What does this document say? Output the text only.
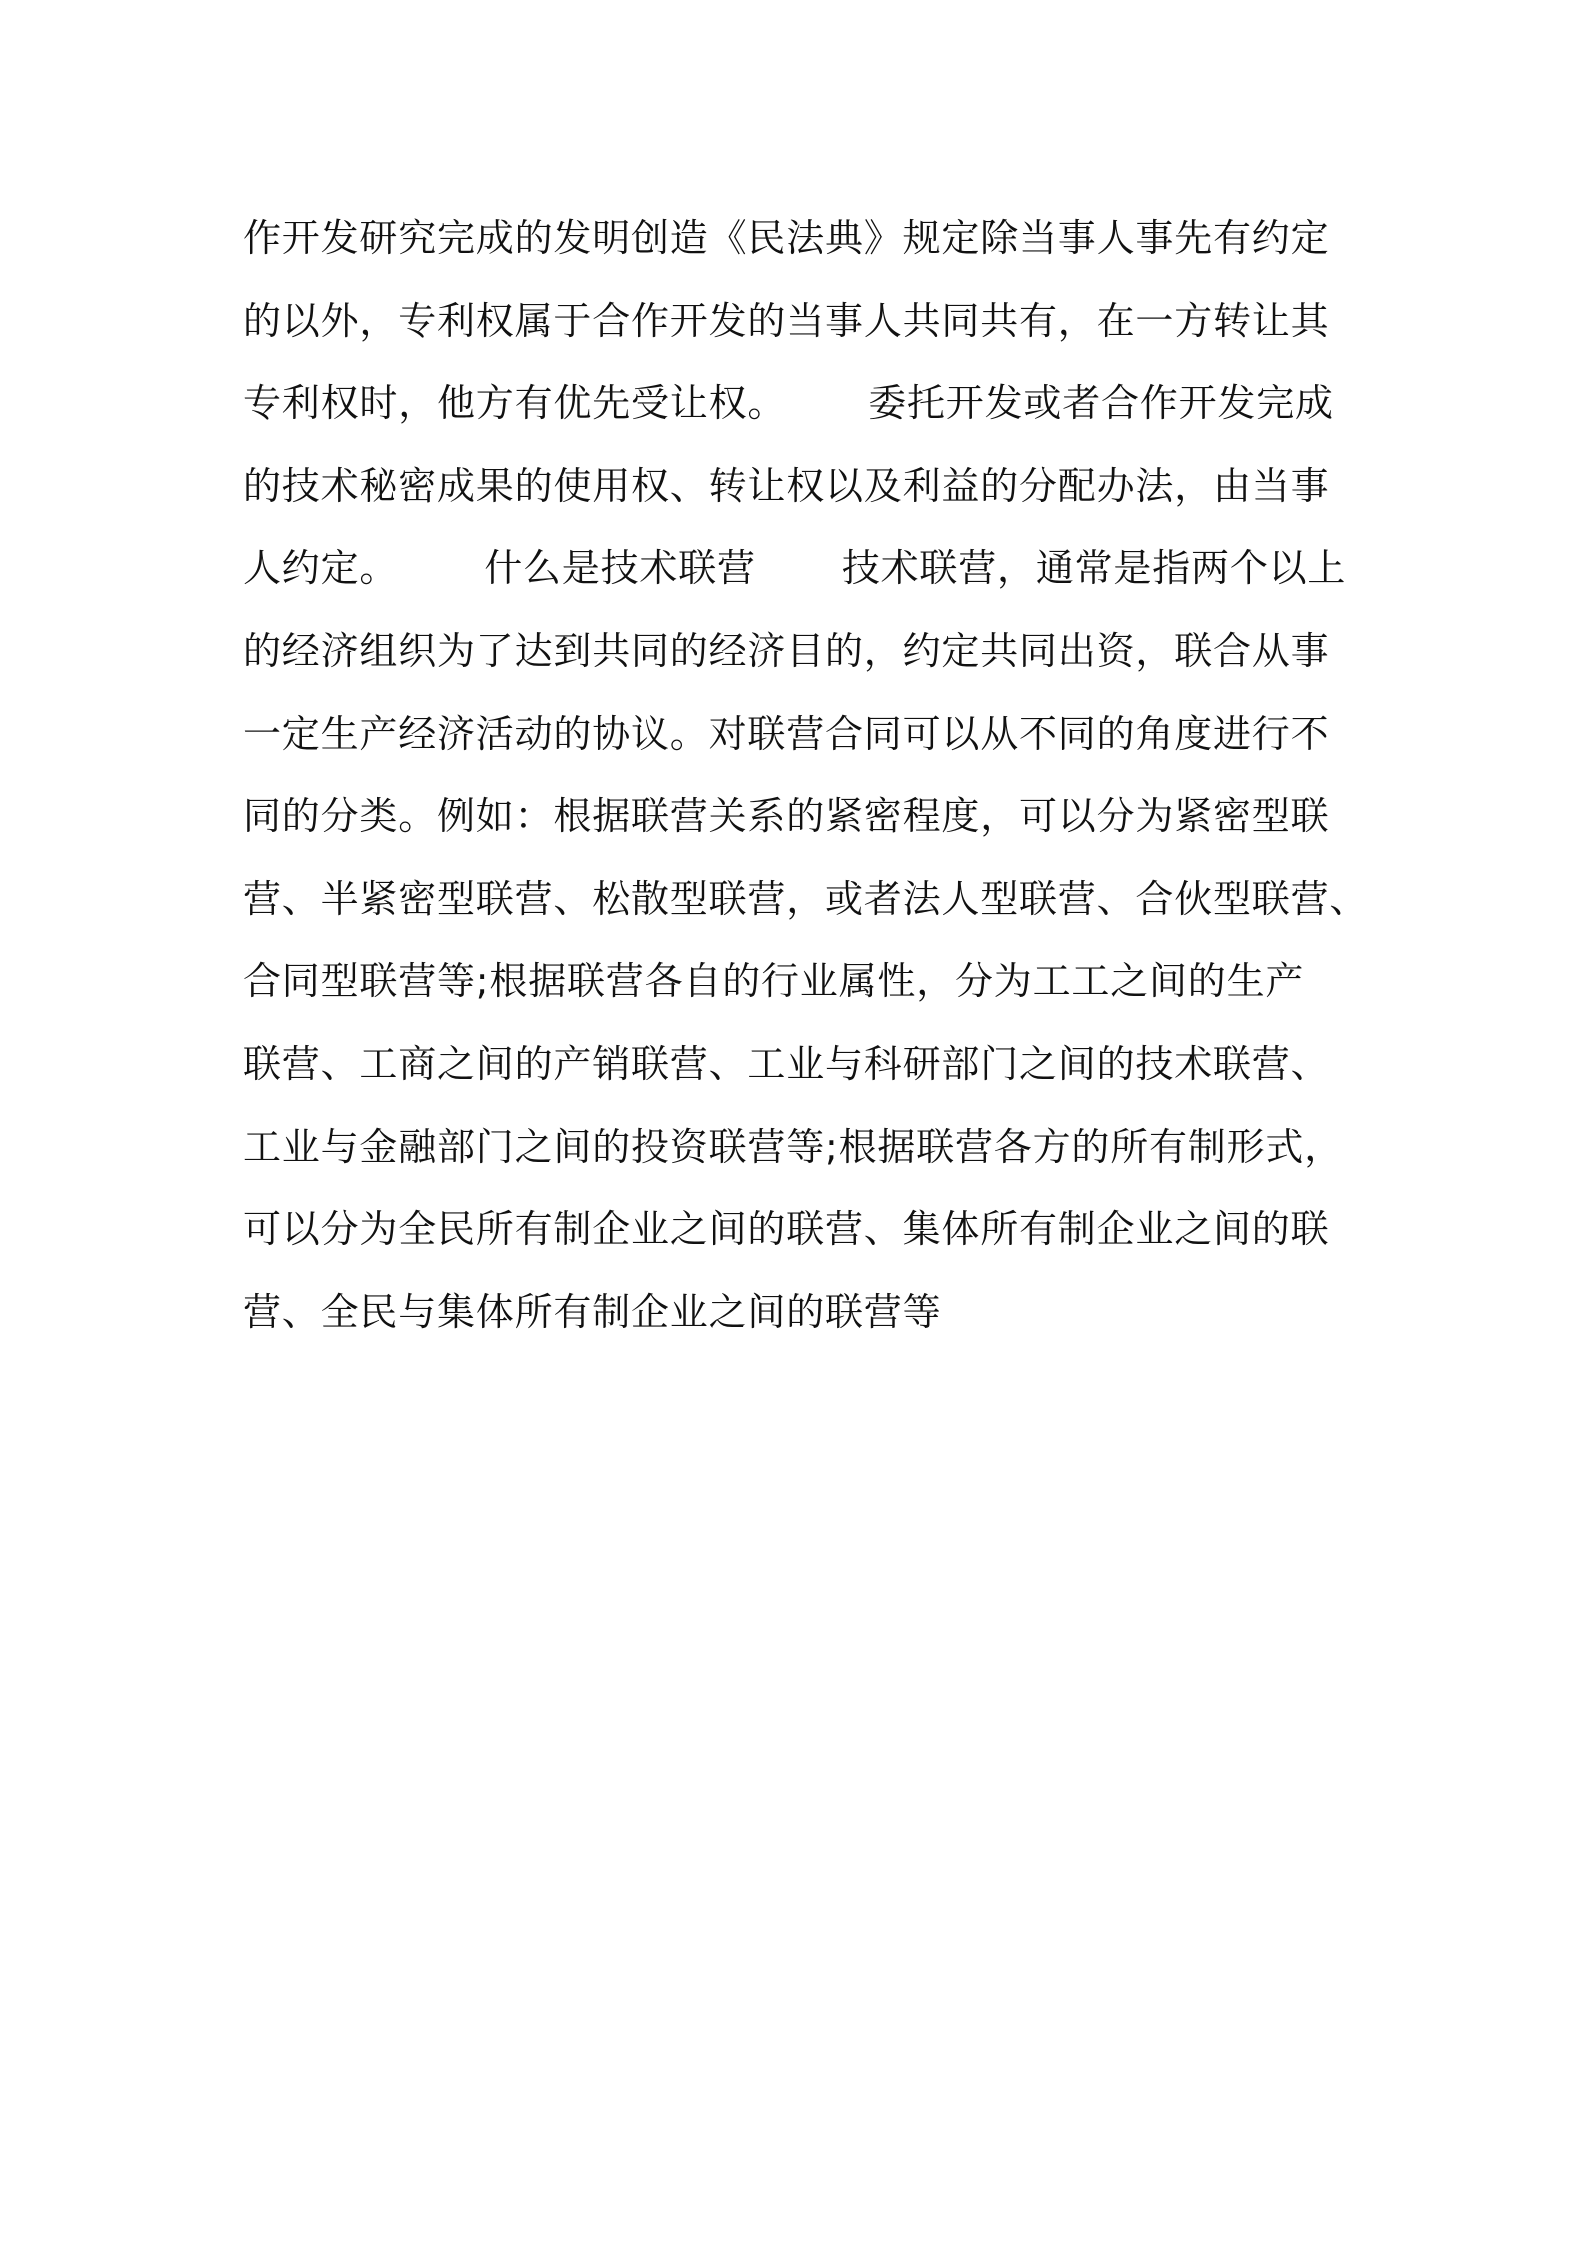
作开发研究完成的发明创造《民法典》规定除当事人事先有约定
的以外，专利权属于合作开发的当事人共同共有，在一方转让其
专利权时，他方有优先受让权。 委托开发或者合作开发完成
的技术秘密成果的使用权、转让权以及利益的分配办法，由当事
人约定。 什么是技术联营 技术联营，通常是指两个以上
的经济组织为了达到共同的经济目的，约定共同出资，联合从事
一定生产经济活动的协议。对联营合同可以从不同的角度进行不
同的分类。例如：根据联营关系的紧密程度，可以分为紧密型联
营、半紧密型联营、松散型联营，或者法人型联营、合伙型联营、
合同型联营等;根据联营各自的行业属性，分为工工之间的生产
联营、工商之间的产销联营、工业与科研部门之间的技术联营、
工业与金融部门之间的投资联营等;根据联营各方的所有制形式，
可以分为全民所有制企业之间的联营、集体所有制企业之间的联
营、全民与集体所有制企业之间的联营等
